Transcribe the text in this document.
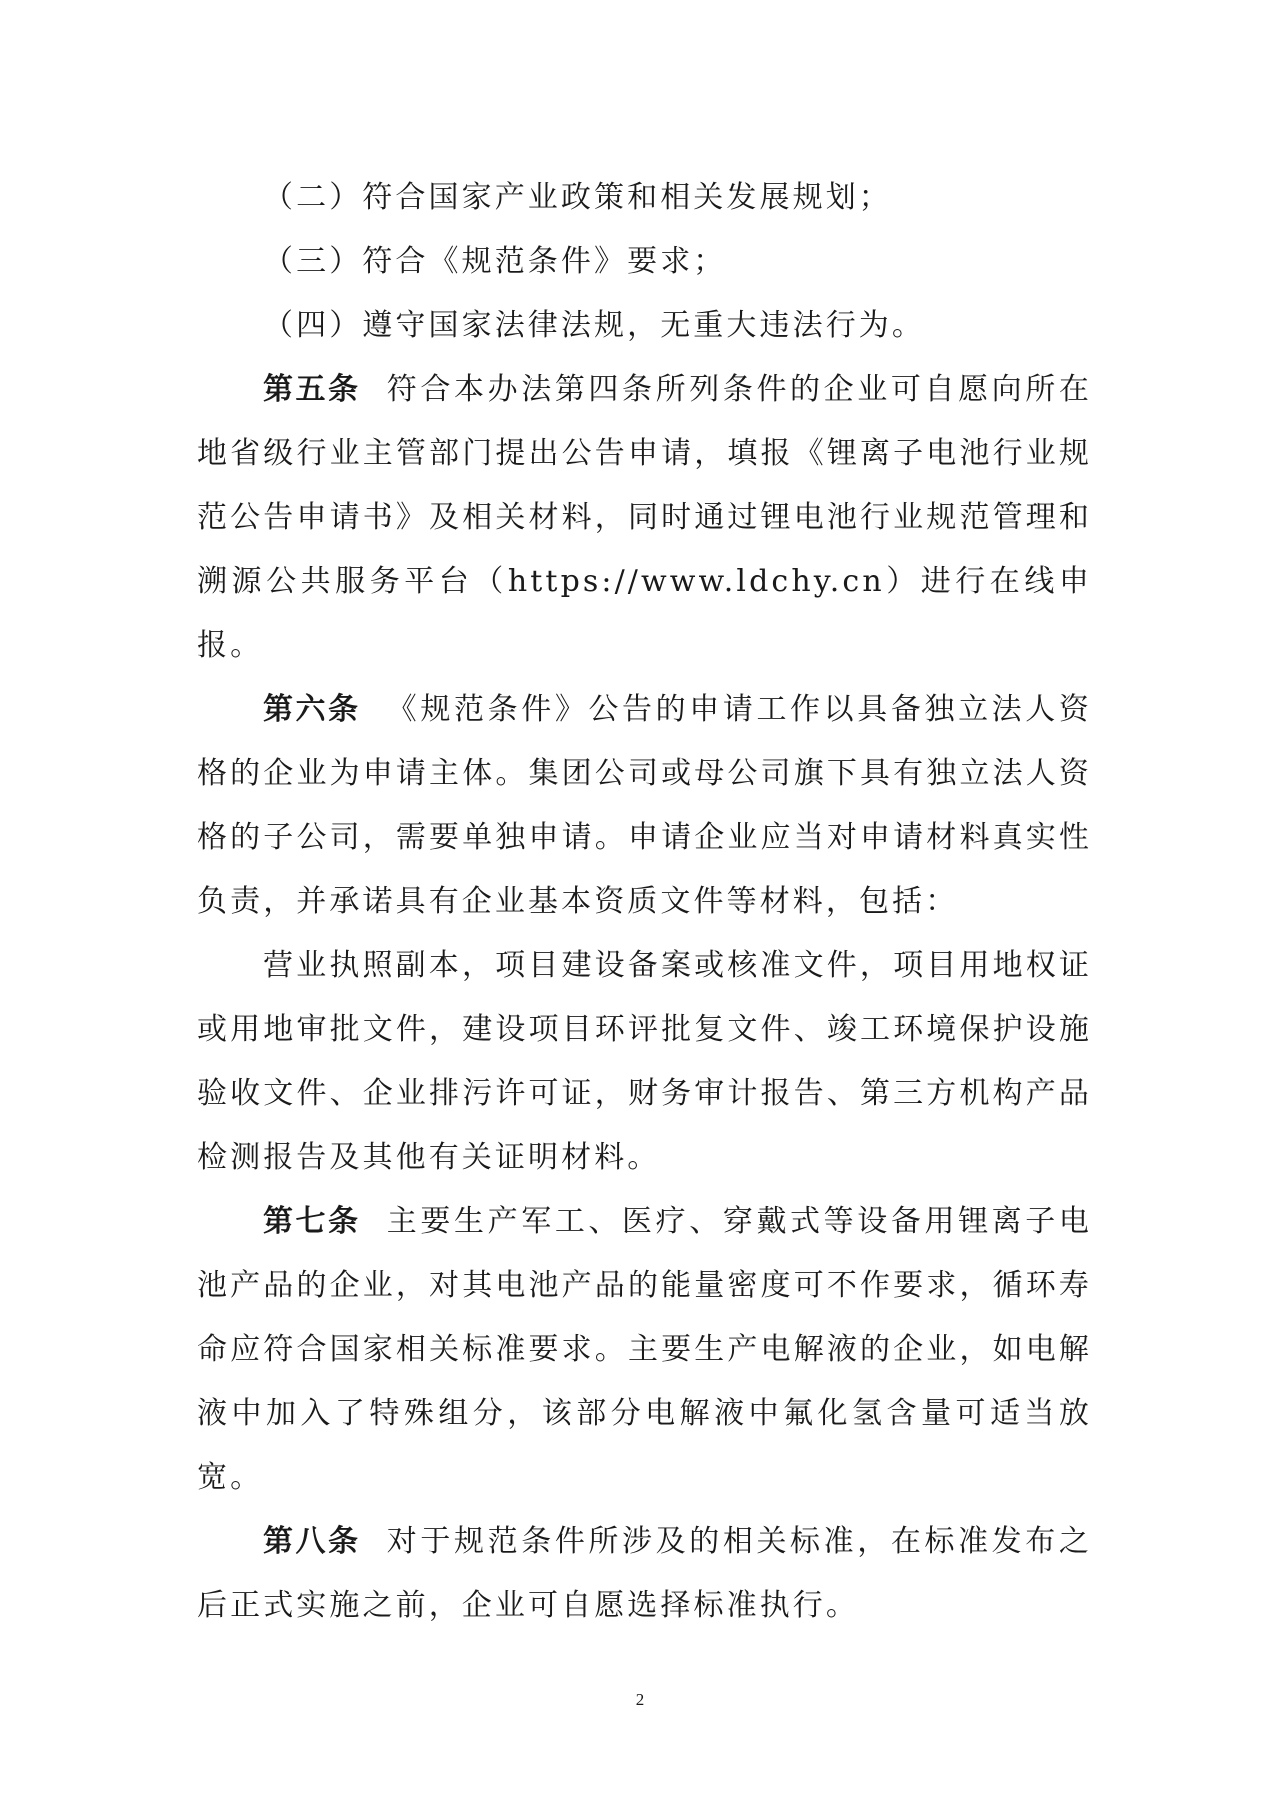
（二）符合国家产业政策和相关发展规划；

（三）符合《规范条件》要求；

（四）遵守国家法律法规，无重大违法行为。

第五条 符合本办法第四条所列条件的企业可自愿向所在地省级行业主管部门提出公告申请，填报《锂离子电池行业规范公告申请书》及相关材料，同时通过锂电池行业规范管理和溯源公共服务平台（https://www.ldchy.cn）进行在线申报。

第六条 《规范条件》公告的申请工作以具备独立法人资格的企业为申请主体。集团公司或母公司旗下具有独立法人资格的子公司，需要单独申请。申请企业应当对申请材料真实性负责，并承诺具有企业基本资质文件等材料，包括：

营业执照副本，项目建设备案或核准文件，项目用地权证或用地审批文件，建设项目环评批复文件、竣工环境保护设施验收文件、企业排污许可证，财务审计报告、第三方机构产品检测报告及其他有关证明材料。

第七条 主要生产军工、医疗、穿戴式等设备用锂离子电池产品的企业，对其电池产品的能量密度可不作要求，循环寿命应符合国家相关标准要求。主要生产电解液的企业，如电解液中加入了特殊组分，该部分电解液中氟化氢含量可适当放宽。

第八条 对于规范条件所涉及的相关标准，在标准发布之后正式实施之前，企业可自愿选择标准执行。

2
